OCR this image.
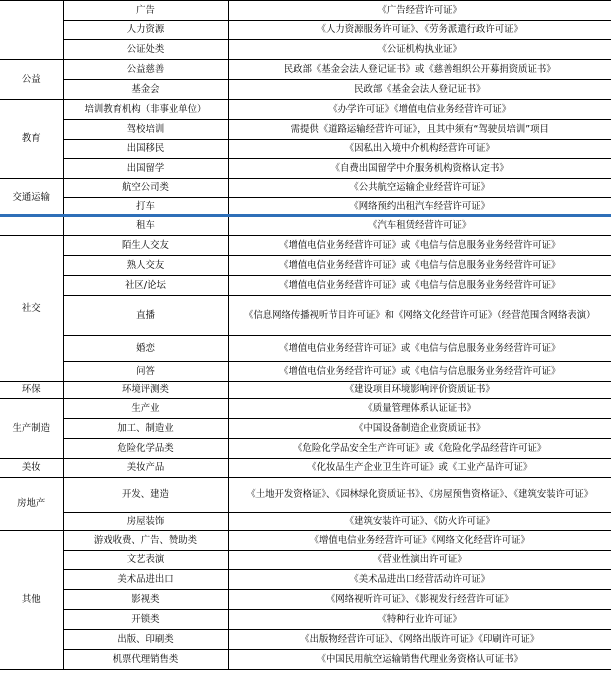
	广告	《广告经营许可证》
	人力资源	《人力资源服务许可证》、《劳务派遣行政许可证》
	公证处类	《公证机构执业证》
公益	公益慈善	民政部《基金会法人登记证书》或《慈善组织公开募捐资质证书》
	基金会	民政部《基金会法人登记证书》
教育	培训教育机构（非事业单位）	《办学许可证》《增值电信业务经营许可证》
	驾校培训	需提供《道路运输经营许可证》，且其中须有“驾驶员培训”项目
	出国移民	《因私出入境中介机构经营许可证》
	出国留学	《自费出国留学中介服务机构资格认定书》
交通运输	航空公司类	《公共航空运输企业经营许可证》
	打车	《网络预约出租汽车经营许可证》
	租车	《汽车租赁经营许可证》
社交	陌生人交友	《增值电信业务经营许可证》或《电信与信息服务业务经营许可证》
	熟人交友	《增值电信业务经营许可证》或《电信与信息服务业务经营许可证》
	社区/论坛	《增值电信业务经营许可证》或《电信与信息服务业务经营许可证》
	直播	《信息网络传播视听节目许可证》和《网络文化经营许可证》（经营范围含网络表演）
	婚恋	《增值电信业务经营许可证》或《电信与信息服务业务经营许可证》
	问答	《增值电信业务经营许可证》或《电信与信息服务业务经营许可证》
环保	环境评测类	《建设项目环境影响评价资质证书》
生产制造	生产业	《质量管理体系认证证书》
	加工、制造业	《中国设备制造企业资质证书》
	危险化学品类	《危险化学品安全生产许可证》或《危险化学品经营许可证》
美妆	美妆产品	《化妆品生产企业卫生许可证》或《工业产品许可证》
房地产	开发、建造	《土地开发资格证》、《园林绿化资质证书》、《房屋预售资格证》、《建筑安装许可证》
	房屋装饰	《建筑安装许可证》、《防火许可证》
其他	游戏收费、广告、赞助类	《增值电信业务经营许可证》《网络文化经营许可证》
	文艺表演	《营业性演出许可证》
	美术品进出口	《美术品进出口经营活动许可证》
	影视类	《网络视听许可证》、《影视发行经营许可证》
	开锁类	《特种行业许可证》
	出版、印刷类	《出版物经营许可证》、《网络出版许可证》《印刷许可证》
	机票代理销售类	《中国民用航空运输销售代理业务资格认可证书》
